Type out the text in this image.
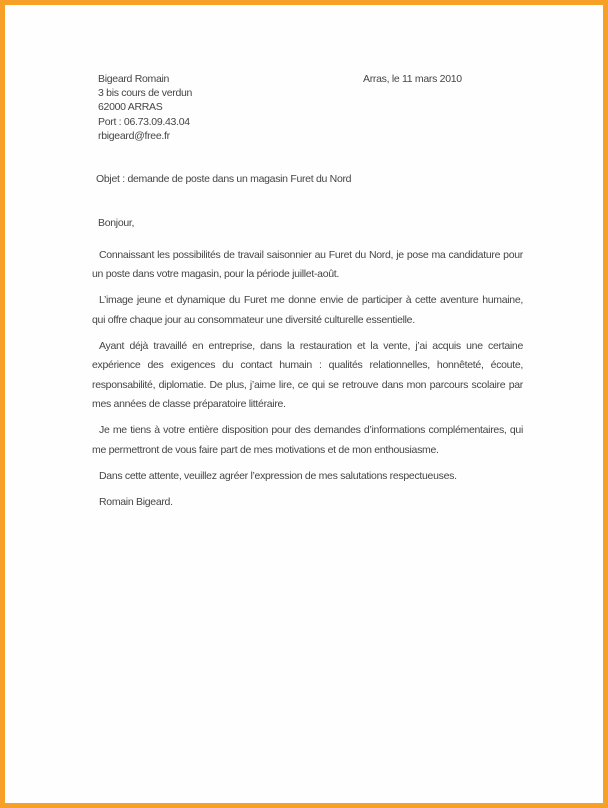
Bigeard Romain
3 bis cours de verdun
62000 ARRAS
Port : 06.73.09.43.04
rbigeard@free.fr
Arras, le 11 mars 2010
Objet : demande de poste dans un magasin Furet du Nord
Bonjour,

Connaissant les possibilités de travail saisonnier au Furet du Nord, je pose ma candidature pour un poste dans votre magasin, pour la période juillet-août.

L’image jeune et dynamique du Furet me donne envie de participer à cette aventure humaine, qui offre chaque jour au consommateur une diversité culturelle essentielle.

Ayant déjà travaillé en entreprise, dans la restauration et la vente, j’ai acquis une certaine expérience des exigences du contact humain : qualités relationnelles, honnêteté, écoute, responsabilité, diplomatie. De plus, j’aime lire, ce qui se retrouve dans mon parcours scolaire par mes années de classe préparatoire littéraire.

Je me tiens à votre entière disposition pour des demandes d’informations complémentaires, qui me permettront de vous faire part de mes motivations et de mon enthousiasme.

Dans cette attente, veuillez agréer l’expression de mes salutations respectueuses.

Romain Bigeard.
